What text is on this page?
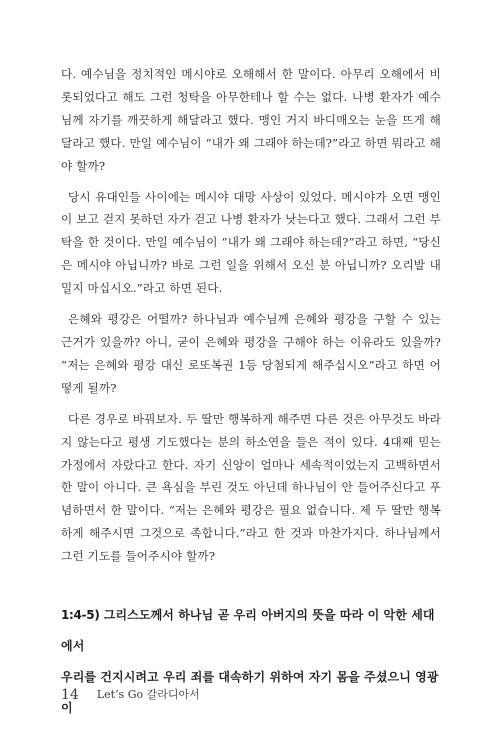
다. 예수님을 정치적인 메시야로 오해해서 한 말이다. 아무리 오해에서 비롯되었다고 해도 그런 청탁을 아무한테나 할 수는 없다. 나병 환자가 예수님께 자기를 깨끗하게 해달라고 했다. 맹인 거지 바디매오는 눈을 뜨게 해달라고 했다. 만일 예수님이 “내가 왜 그래야 하는데?”라고 하면 뭐라고 해야 할까?

당시 유대인들 사이에는 메시야 대망 사상이 있었다. 메시야가 오면 맹인이 보고 걷지 못하던 자가 걷고 나병 환자가 낫는다고 했다. 그래서 그런 부탁을 한 것이다. 만일 예수님이 “내가 왜 그래야 하는데?”라고 하면, “당신은 메시야 아닙니까? 바로 그런 일을 위해서 오신 분 아닙니까? 오리발 내밀지 마십시오.”라고 하면 된다.

은혜와 평강은 어떨까? 하나님과 예수님께 은혜와 평강을 구할 수 있는 근거가 있을까? 아니, 굳이 은혜와 평강을 구해야 하는 이유라도 있을까? “저는 은혜와 평강 대신 로또복권 1등 당첨되게 해주십시오”라고 하면 어떻게 될까?

다른 경우로 바꿔보자. 두 딸만 행복하게 해주면 다른 것은 아무것도 바라지 않는다고 평생 기도했다는 분의 하소연을 들은 적이 있다. 4대째 믿는 가정에서 자랐다고 한다. 자기 신앙이 얼마나 세속적이었는지 고백하면서 한 말이 아니다. 큰 욕심을 부린 것도 아닌데 하나님이 안 들어주신다고 푸념하면서 한 말이다. “저는 은혜와 평강은 필요 없습니다. 제 두 딸만 행복하게 해주시면 그것으로 족합니다.”라고 한 것과 마찬가지다. 하나님께서 그런 기도를 들어주시야 할까?

1:4-5) 그리스도께서 하나님 곧 우리 아버지의 뜻을 따라 이 악한 세대에서

우리를 건지시려고 우리 죄를 대속하기 위하여 자기 몸을 주셨으니 영광이

14 Let’s Go 갈라디아서
